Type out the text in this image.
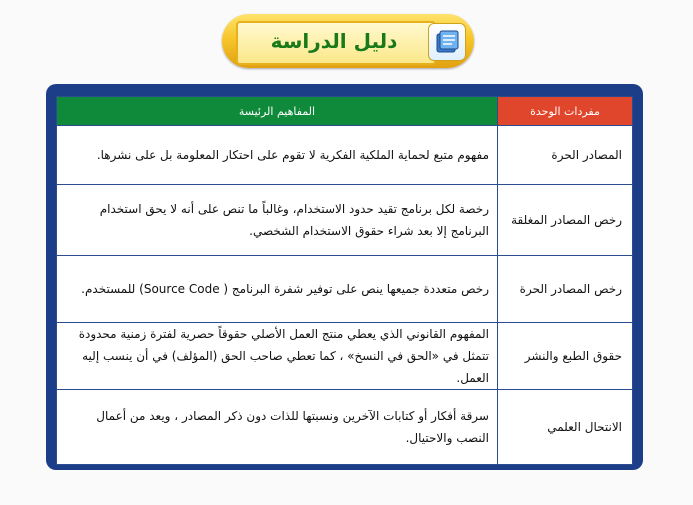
دليل الدراسة
مفردات الوحدة	المفاهيم الرئيسة
المصادر الحرة	مفهوم متبع لحماية الملكية الفكرية لا تقوم على احتكار المعلومة بل على نشرها.
رخص المصادر المغلقة	رخصة لكل برنامج تقيد حدود الاستخدام، وغالباً ما تنص على أنه لا يحق استخدام البرنامج إلا بعد شراء حقوق الاستخدام الشخصي.
رخص المصادر الحرة	رخص متعددة جميعها ينص على توفير شفرة البرنامج ( Source Code) للمستخدم.
حقوق الطبع والنشر	المفهوم القانوني الذي يعطي منتج العمل الأصلي حقوقاً حصرية لفترة زمنية محدودة تتمثل في «الحق في النسخ» ، كما تعطي صاحب الحق (المؤلف) في أن ينسب إليه العمل.
الانتحال العلمي	سرقة أفكار أو كتابات الآخرين ونسبتها للذات دون ذكر المصادر ، ويعد من أعمال النصب والاحتيال.
